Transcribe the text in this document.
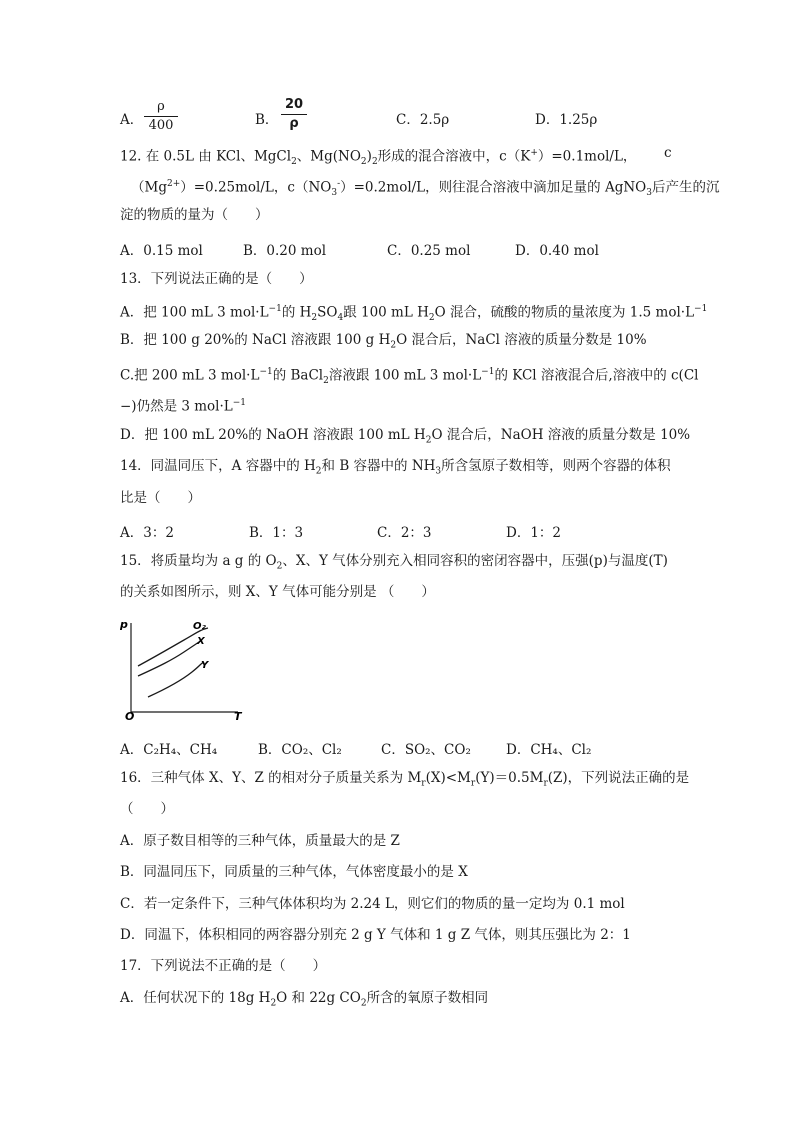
A．
ρ
400	B．
20
ρ	C．2.5ρ	D．1.25ρ
12. 在 0.5L 由 KCl、MgCl$_2$、$Mg(NO_2)_2$形成的混合溶液中，c（K+）=0.1mol/L， c
$(Mg^{2+})=0.25mol/L$，$c(NO_3^-)=0.2mol/L$，则往混合溶液中滴加足量的 AgNO$_3$后产生的沉
淀的物质的量为（　　）
A．0.15 mol	B．0.20 mol	C．0.25 mol	D．0.40 mol
13．下列说法正确的是（　　）
A．把 100 mL 3 $mol\cdot L^{-1}$的 $H_2SO_4$跟 100 mL $H_2O$ 混合，硫酸的物质的量浓度为 1.5 $mol\cdot L^{-1}$
B．把 100 g 20%的 NaCl 溶液跟 100 g $H_2O$ 混合后，NaCl 溶液的质量分数是 10%
C.把 200 mL 3 $mol\cdot L^{-1}$的 BaCl$_2$溶液跟 100 mL 3 $mol\cdot L^{-1}$的 KCl 溶液混合后,溶液中的 c(Cl
−)仍然是 3 $mol\cdot L^{-1}$
D．把 100 mL 20%的 NaOH 溶液跟 100 mL $H_2O$ 混合后，NaOH 溶液的质量分数是 10%
14．同温同压下，A 容器中的 $H_2$和 B 容器中的 $NH_3$所含氢原子数相等，则两个容器的体积
比是（　　）
A．3：2	B．1：3	C．2：3	D．1：2
15．将质量均为 a g 的 $O_2$、X、Y 气体分别充入相同容积的密闭容器中，压强(p)与温度(T)
的关系如图所示，则 X、Y 气体可能分别是 （　　）
p
T
O
O₂
X
Y
A．C₂H₄、CH₄	B．CO₂、Cl₂	C．SO₂、CO₂	D．CH₄、Cl₂
16．三种气体 X、Y、Z 的相对分子质量关系为 $M_r(X)<M_r(Y)=0.5M_r(Z)$，下列说法正确的是
（　　）
A．原子数目相等的三种气体，质量最大的是 Z
B．同温同压下，同质量的三种气体，气体密度最小的是 X
C．若一定条件下，三种气体体积均为 2.24 L，则它们的物质的量一定均为 0.1 mol
D．同温下，体积相同的两容器分别充 2 g Y 气体和 1 g Z 气体，则其压强比为 2：1
17．下列说法不正确的是（　　）
A．任何状况下的 18g $H_2O$ 和 22g $CO_2$所含的氧原子数相同
